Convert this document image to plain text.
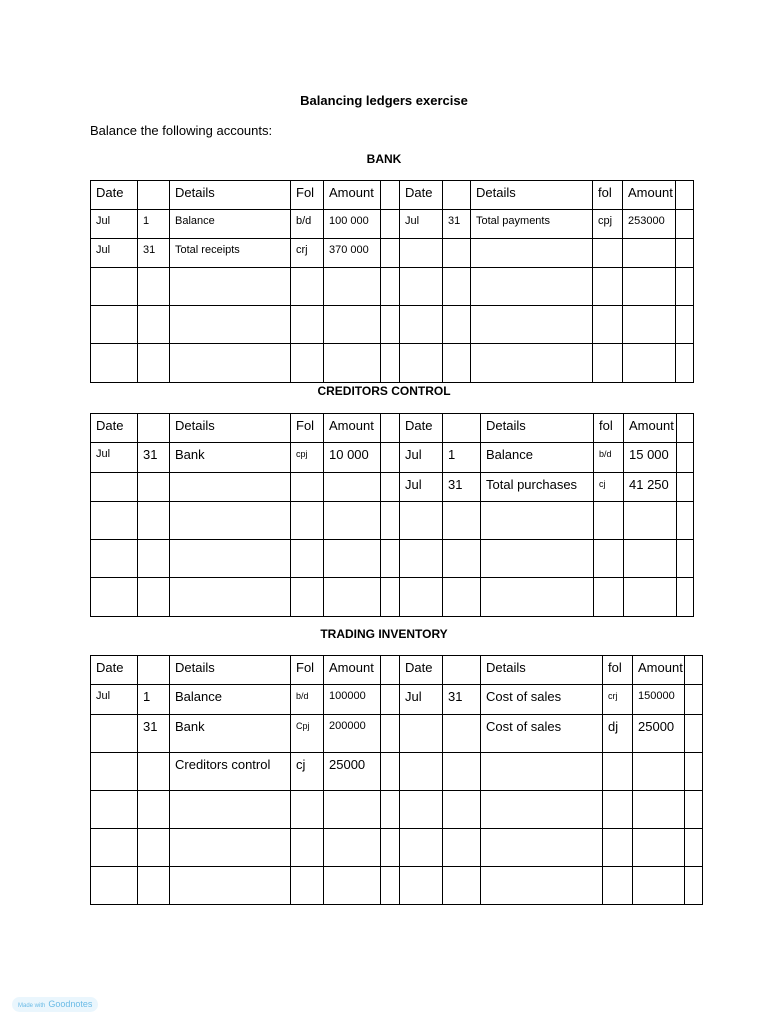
Balancing ledgers exercise
Balance the following accounts:
BANK
Date		Details	Fol	Amount		Date		Details	fol	Amount	
Jul	1	Balance	b/d	100 000		Jul	31	Total payments	cpj	253000	
Jul	31	Total receipts	crj	370 000							

CREDITORS CONTROL
Date		Details	Fol	Amount		Date		Details	fol	Amount	
Jul	31	Bank	cpj	10 000		Jul	1	Balance	b/d	15 000	
						Jul	31	Total purchases	cj	41 250	

TRADING INVENTORY
Date		Details	Fol	Amount		Date		Details	fol	Amount	
Jul	1	Balance	b/d	100000		Jul	31	Cost of sales	crj	150000	
	31	Bank	Cpj	200000				Cost of sales	dj	25000	
		Creditors control	cj	25000							

Made with Goodnotes
